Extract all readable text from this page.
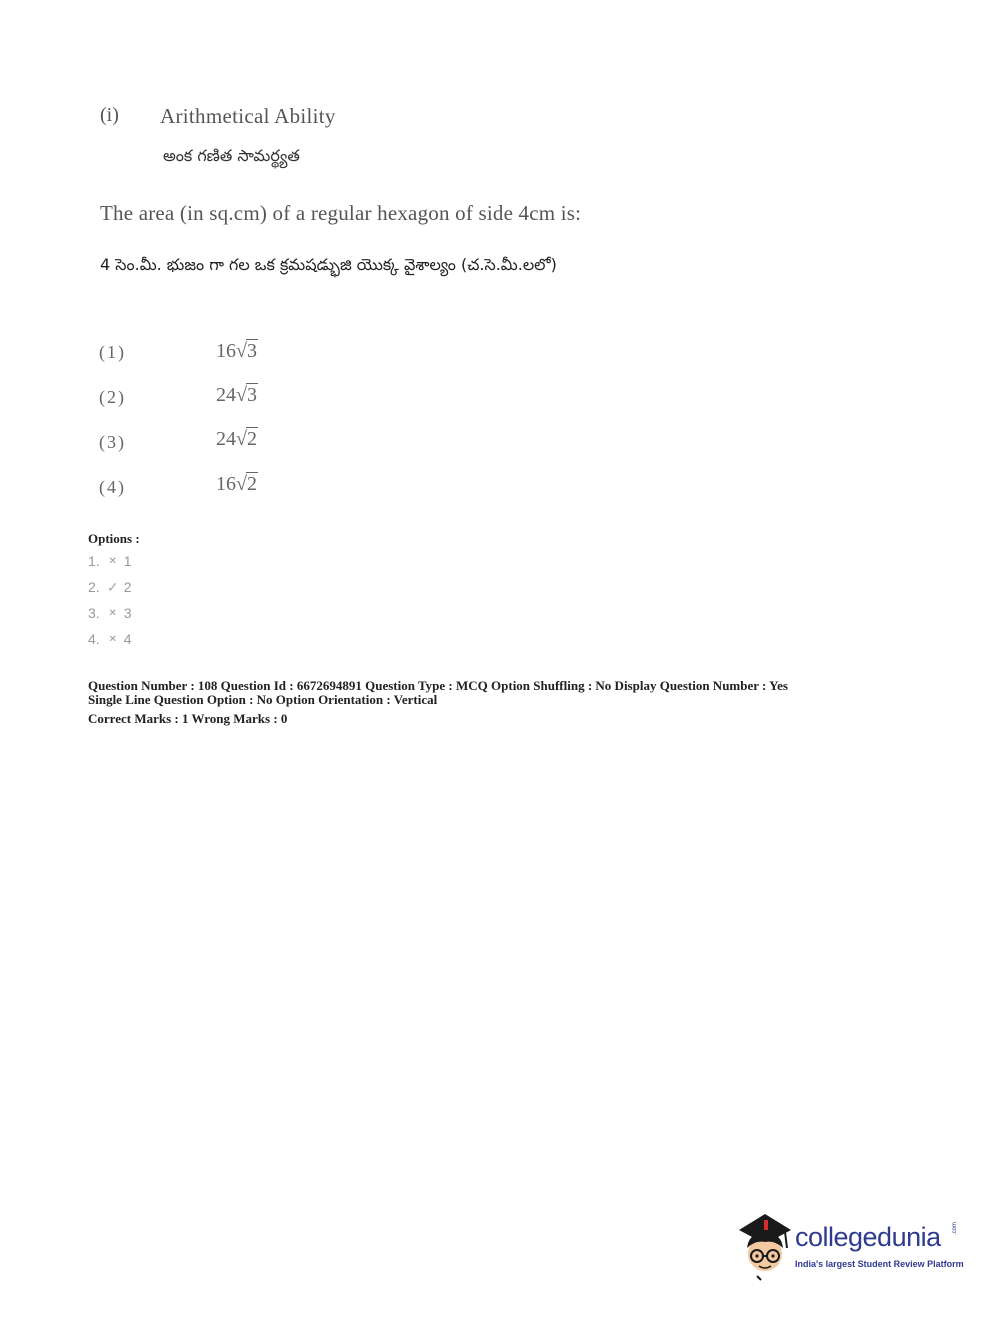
(i) Arithmetical Ability
అంక గణిత సామర్థ్యత
The area (in sq.cm) of a regular hexagon of side 4cm is:
4 సెం.మీ. భుజం గా గల ఒక క్రమషడ్భుజి యొక్క వైశాల్యం (చ.సె.మీ.లలో)
(1)	16√3
(2)	24√3
(3)	24√2
(4)	16√2
Options :
1. ✕ 1
2. ✓ 2
3. ✕ 3
4. ✕ 4
Question Number : 108 Question Id : 6672694891 Question Type : MCQ Option Shuffling : No Display Question Number : Yes
Single Line Question Option : No Option Orientation : Vertical
Correct Marks : 1 Wrong Marks : 0
collegedunia .com
India's largest Student Review Platform
